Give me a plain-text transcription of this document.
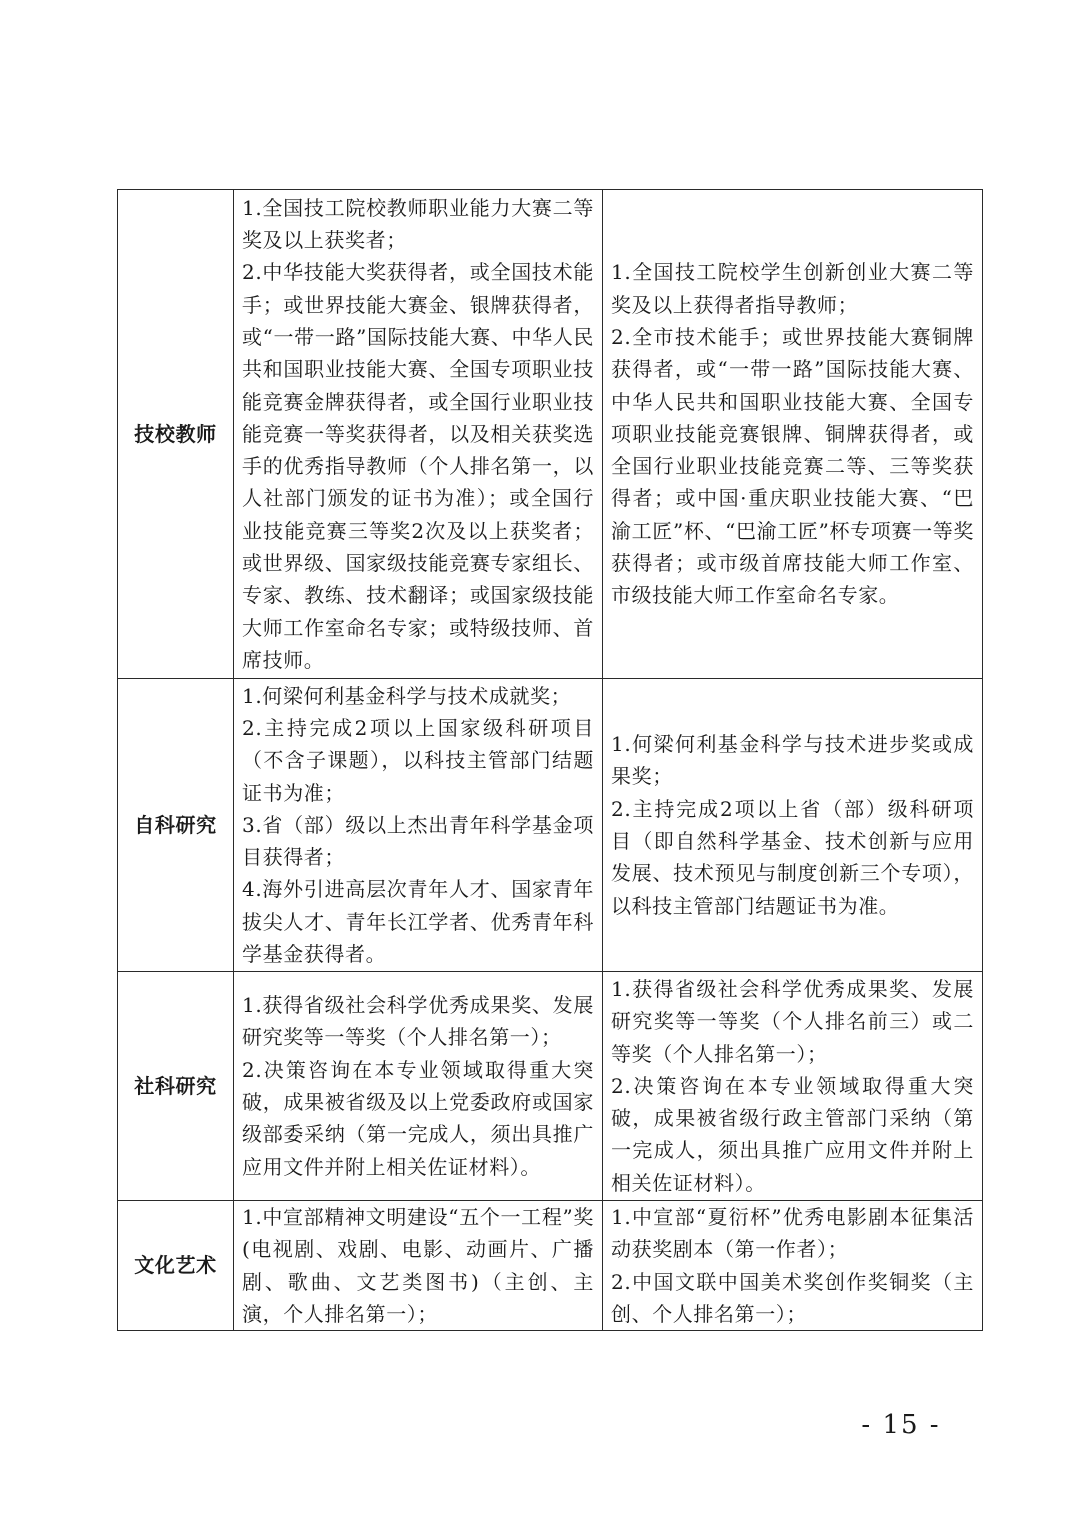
技校教师	1.全国技工院校教师职业能力大赛二等奖及以上获奖者；
2.中华技能大奖获得者，或全国技术能手；或世界技能大赛金、银牌获得者，或“一带一路”国际技能大赛、中华人民共和国职业技能大赛、全国专项职业技能竞赛金牌获得者，或全国行业职业技能竞赛一等奖获得者，以及相关获奖选手的优秀指导教师（个人排名第一，以人社部门颁发的证书为准）；或全国行业技能竞赛三等奖2次及以上获奖者；或世界级、国家级技能竞赛专家组长、专家、教练、技术翻译；或国家级技能大师工作室命名专家；或特级技师、首席技师。	1.全国技工院校学生创新创业大赛二等奖及以上获得者指导教师；
2.全市技术能手；或世界技能大赛铜牌获得者，或“一带一路”国际技能大赛、中华人民共和国职业技能大赛、全国专项职业技能竞赛银牌、铜牌获得者，或全国行业职业技能竞赛二等、三等奖获得者；或中国·重庆职业技能大赛、“巴渝工匠”杯、“巴渝工匠”杯专项赛一等奖获得者；或市级首席技能大师工作室、市级技能大师工作室命名专家。

自科研究	1.何梁何利基金科学与技术成就奖；
2.主持完成2项以上国家级科研项目（不含子课题），以科技主管部门结题证书为准；
3.省（部）级以上杰出青年科学基金项目获得者；
4.海外引进高层次青年人才、国家青年拔尖人才、青年长江学者、优秀青年科学基金获得者。	1.何梁何利基金科学与技术进步奖或成果奖；
2.主持完成2项以上省（部）级科研项目（即自然科学基金、技术创新与应用发展、技术预见与制度创新三个专项），以科技主管部门结题证书为准。

社科研究	1.获得省级社会科学优秀成果奖、发展研究奖等一等奖（个人排名第一）；
2.决策咨询在本专业领域取得重大突破，成果被省级及以上党委政府或国家级部委采纳（第一完成人，须出具推广应用文件并附上相关佐证材料）。	1.获得省级社会科学优秀成果奖、发展研究奖等一等奖（个人排名前三）或二等奖（个人排名第一）；
2.决策咨询在本专业领域取得重大突破，成果被省级行政主管部门采纳（第一完成人，须出具推广应用文件并附上相关佐证材料）。

文化艺术	1.中宣部精神文明建设“五个一工程”奖(电视剧、戏剧、电影、动画片、广播剧、歌曲、文艺类图书)（主创、主演，个人排名第一）；	1.中宣部“夏衍杯”优秀电影剧本征集活动获奖剧本（第一作者）；
2.中国文联中国美术奖创作奖铜奖（主创、个人排名第一）；
- 15 -
